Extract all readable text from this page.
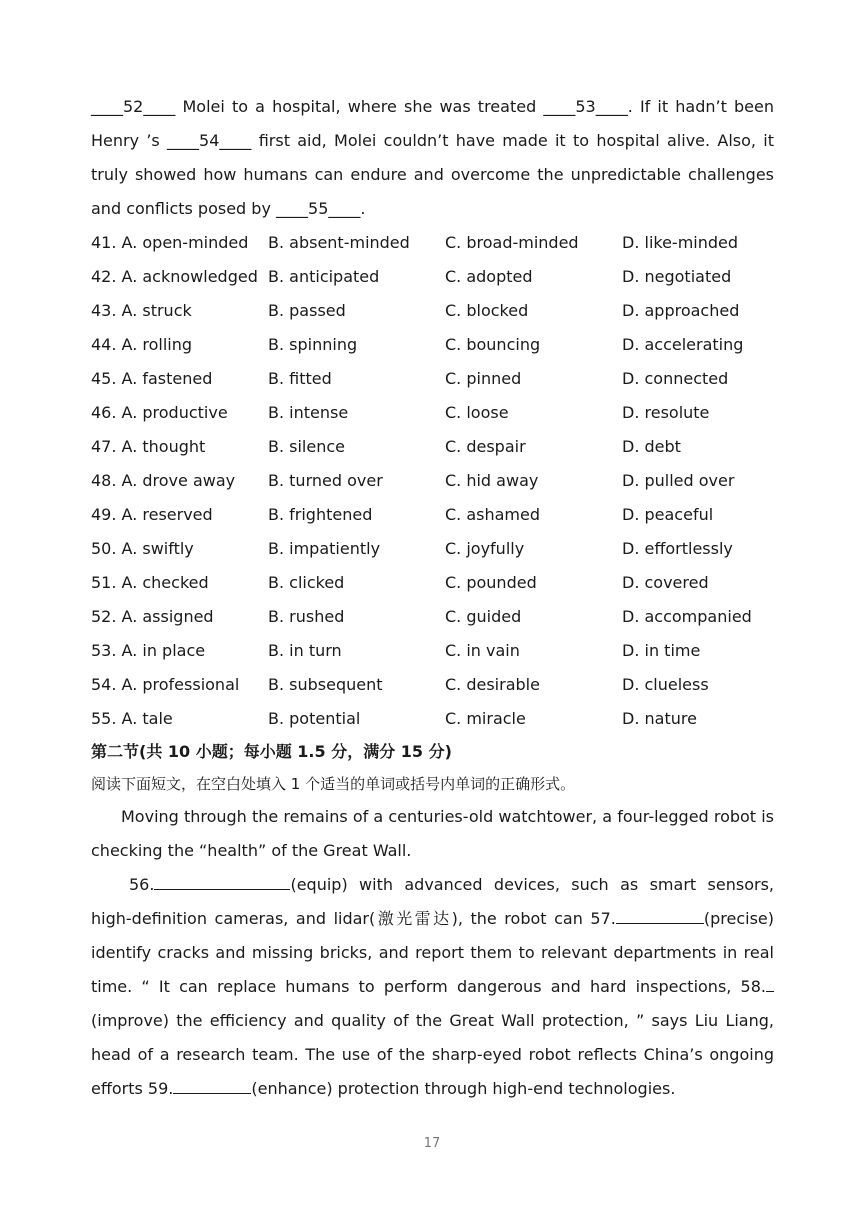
____52____ Molei to a hospital, where she was treated ____53____. If it hadn’t been Henry ’s ____54____ first aid, Molei couldn’t have made it to hospital alive. Also, it truly showed how humans can endure and overcome the unpredictable challenges and conflicts posed by ____55____.

41. A. open-minded	B. absent-minded	C. broad-minded	D. like-minded
42. A. acknowledged B. anticipated	C. adopted	D. negotiated
43. A. struck	B. passed	C. blocked	D. approached
44. A. rolling	B. spinning	C. bouncing	D. accelerating
45. A. fastened	B. fitted	C. pinned	D. connected
46. A. productive	B. intense	C. loose	D. resolute
47. A. thought	B. silence	C. despair	D. debt
48. A. drove away	B. turned over	C. hid away	D. pulled over
49. A. reserved	B. frightened	C. ashamed	D. peaceful
50. A. swiftly	B. impatiently	C. joyfully	D. effortlessly
51. A. checked	B. clicked	C. pounded	D. covered
52. A. assigned	B. rushed	C. guided	D. accompanied
53. A. in place	B. in turn	C. in vain	D. in time
54. A. professional	B. subsequent	C. desirable	D. clueless
55. A. tale	B. potential	C. miracle	D. nature

第二节(共 10 小题；每小题 1.5 分，满分 15 分)

阅读下面短文，在空白处填入 1 个适当的单词或括号内单词的正确形式。

Moving through the remains of a centuries-old watchtower, a four-legged robot is checking the “health” of the Great Wall.

56.	(equip) with advanced devices, such as smart sensors, high-definition cameras, and lidar(激光雷达), the robot can 57.	(precise) identify cracks and missing bricks, and report them to relevant departments in real time. “ It can replace humans to perform dangerous and hard inspections, 58.(improve) the efficiency and quality of the Great Wall protection, ” says Liu Liang, head of a research team. The use of the sharp-eyed robot reflects China’s ongoing efforts 59.	(enhance) protection through high-end technologies.

17
